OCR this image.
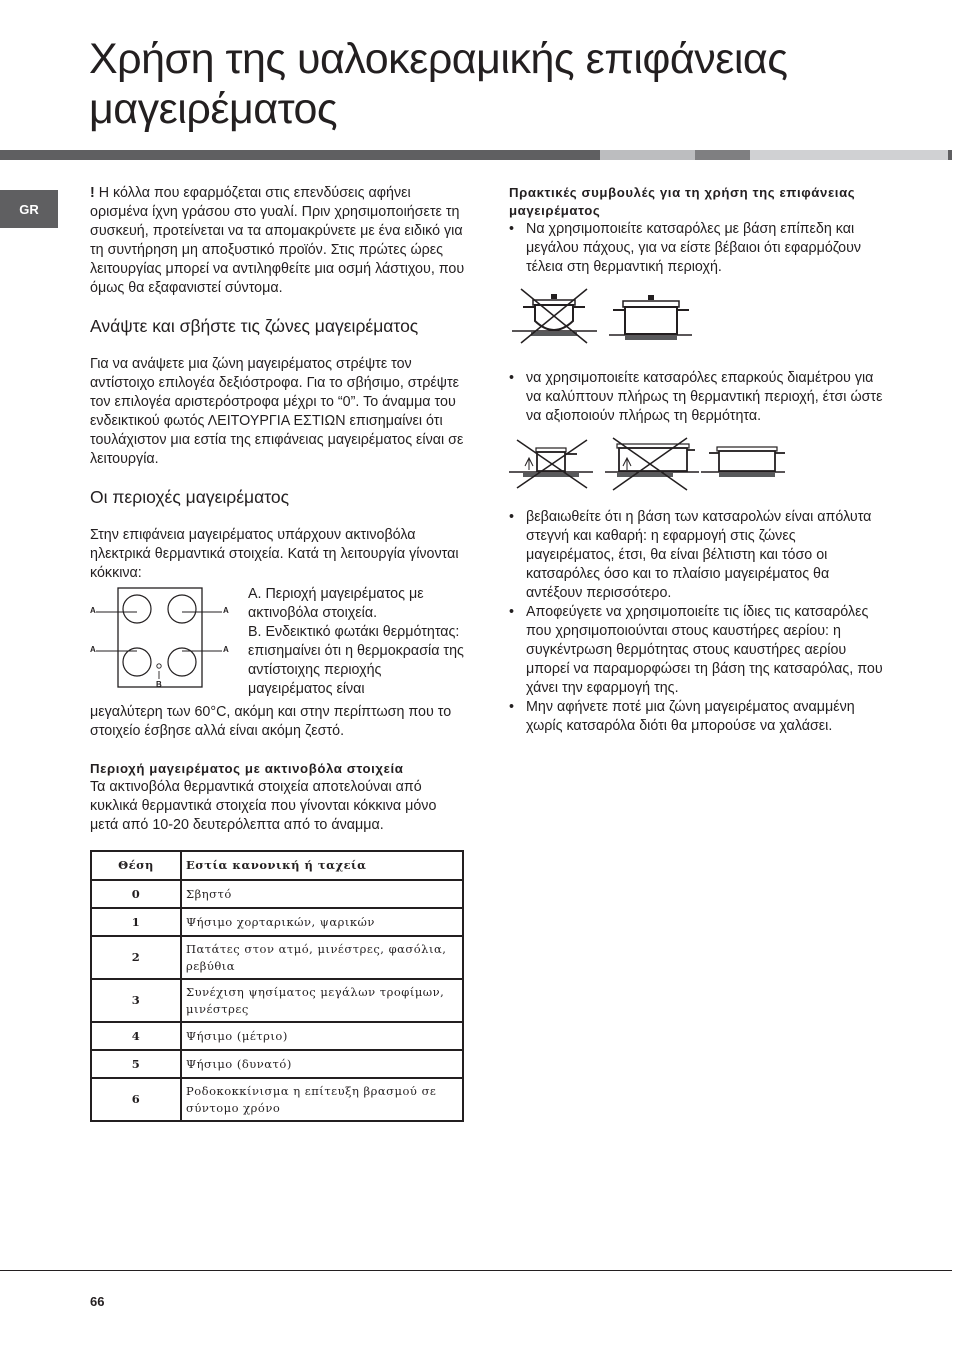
Χρήση της υαλοκεραμικής επιφάνειας μαγειρέματος
GR

! Η κόλλα που εφαρμόζεται στις επενδύσεις αφήνει ορισμένα ίχνη γράσου στο γυαλί. Πριν χρησιμοποιήσετε τη συσκευή, προτείνεται να τα απομακρύνετε με ένα ειδικό για τη συντήρηση μη αποξυστικό προϊόν. Στις πρώτες ώρες λειτουργίας μπορεί να αντιληφθείτε μια οσμή λάστιχου, που όμως θα εξαφανιστεί σύντομα.

Ανάψτε και σβήστε τις ζώνες μαγειρέματος

Για να ανάψετε μια ζώνη μαγειρέματος στρέψτε τον αντίστοιχο επιλογέα δεξιόστροφα. Για το σβήσιμο, στρέψτε τον επιλογέα αριστερόστροφα μέχρι το “0”. Το άναμμα του ενδεικτικού φωτός ΛΕΙΤΟΥΡΓΙΑ ΕΣΤΙΩΝ επισημαίνει ότι τουλάχιστον μια εστία της επιφάνειας μαγειρέματος είναι σε λειτουργία.

Οι περιοχές μαγειρέματος

Στην επιφάνεια μαγειρέματος υπάρχουν ακτινοβόλα ηλεκτρικά θερμαντικά στοιχεία. Κατά τη λειτουργία γίνονται κόκκινα:

A	A
A	A
B

A. Περιοχή μαγειρέματος με ακτινοβόλα στοιχεία.

B. Ενδεικτικό φωτάκι θερμότητας: επισημαίνει ότι η θερμοκρασία της αντίστοιχης περιοχής μαγειρέματος είναι

μεγαλύτερη των 60°C, ακόμη και στην περίπτωση που το στοιχείο έσβησε αλλά είναι ακόμη ζεστό.

Περιοχή μαγειρέματος με ακτινοβόλα στοιχεία

Τα ακτινοβόλα θερμαντικά στοιχεία αποτελούναι από κυκλικά θερμαντικά στοιχεία που γίνονται κόκκινα μόνο μετά από 10-20 δευτερόλεπτα από το άναμμα.

Θέση	Εστία κανονική ή ταχεία
0	Σβηστό
1	Ψήσιμο χορταρικών, ψαρικών
2	Πατάτες στον ατμό, μινέστρες, φασόλια, ρεβύθια
3	Συνέχιση ψησίματος μεγάλων τροφίμων, μινέστρες
4	Ψήσιμο (μέτριο)
5	Ψήσιμο (δυνατό)
6	Ροδοκοκκίνισμα η επίτευξη βρασμού σε σύντομο χρόνο

Πρακτικές συμβουλές για τη χρήση της επιφάνειας μαγειρέματος

• Να χρησιμοποιείτε κατσαρόλες με βάση επίπεδη και μεγάλου πάχους, για να είστε βέβαιοι ότι εφαρμόζουν τέλεια στη θερμαντική περιοχή.
• να χρησιμοποιείτε κατσαρόλες επαρκούς διαμέτρου για να καλύπτουν πλήρως τη θερμαντική περιοχή, έτσι ώστε να αξιοποιούν πλήρως τη θερμότητα.
• βεβαιωθείτε ότι η βάση των κατσαρολών είναι απόλυτα στεγνή και καθαρή: η εφαρμογή στις ζώνες μαγειρέματος, έτσι, θα είναι βέλτιστη και τόσο οι κατσαρόλες όσο και το πλαίσιο μαγειρέματος θα αντέξουν περισσότερο.
• Αποφεύγετε να χρησιμοποιείτε τις ίδιες τις κατσαρόλες που χρησιμοποιούνται στους καυστήρες αερίου: η συγκέντρωση θερμότητας στους καυστήρες αερίου μπορεί να παραμορφώσει τη βάση της κατσαρόλας, που χάνει την εφαρμογή της.
• Μην αφήνετε ποτέ μια ζώνη μαγειρέματος αναμμένη χωρίς κατσαρόλα διότι θα μπορούσε να χαλάσει.
66
